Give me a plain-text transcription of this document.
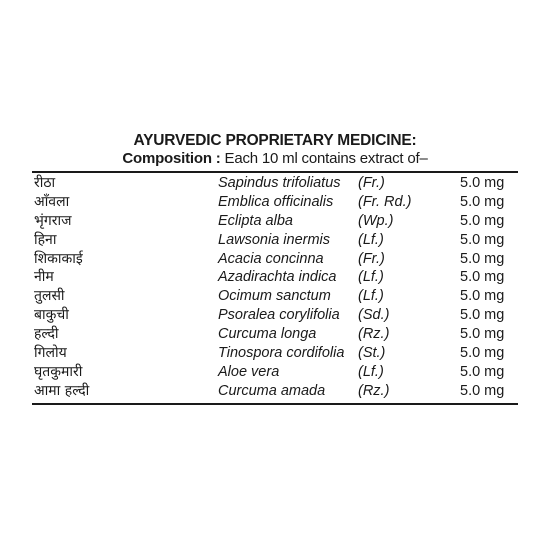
AYURVEDIC PROPRIETARY MEDICINE:
Composition : Each 10 ml contains extract of–
रीठा	Sapindus trifoliatus (Fr.)	5.0 mg
आँवला	Emblica officinalis (Fr. Rd.)	5.0 mg
भृंगराज	Eclipta alba	(Wp.)	5.0 mg
हिना	Lawsonia inermis (Lf.)	5.0 mg
शिकाकाई	Acacia concinna (Fr.)	5.0 mg
नीम	Azadirachta indica (Lf.)	5.0 mg
तुलसी	Ocimum sanctum (Lf.)	5.0 mg
बाकुची	Psoralea corylifolia (Sd.)	5.0 mg
हल्दी	Curcuma longa	(Rz.)	5.0 mg
गिलोय	Tinospora cordifolia (St.)	5.0 mg
घृतकुमारी	Aloe vera	(Lf.)	5.0 mg
आमा हल्दी	Curcuma amada (Rz.)	5.0 mg
